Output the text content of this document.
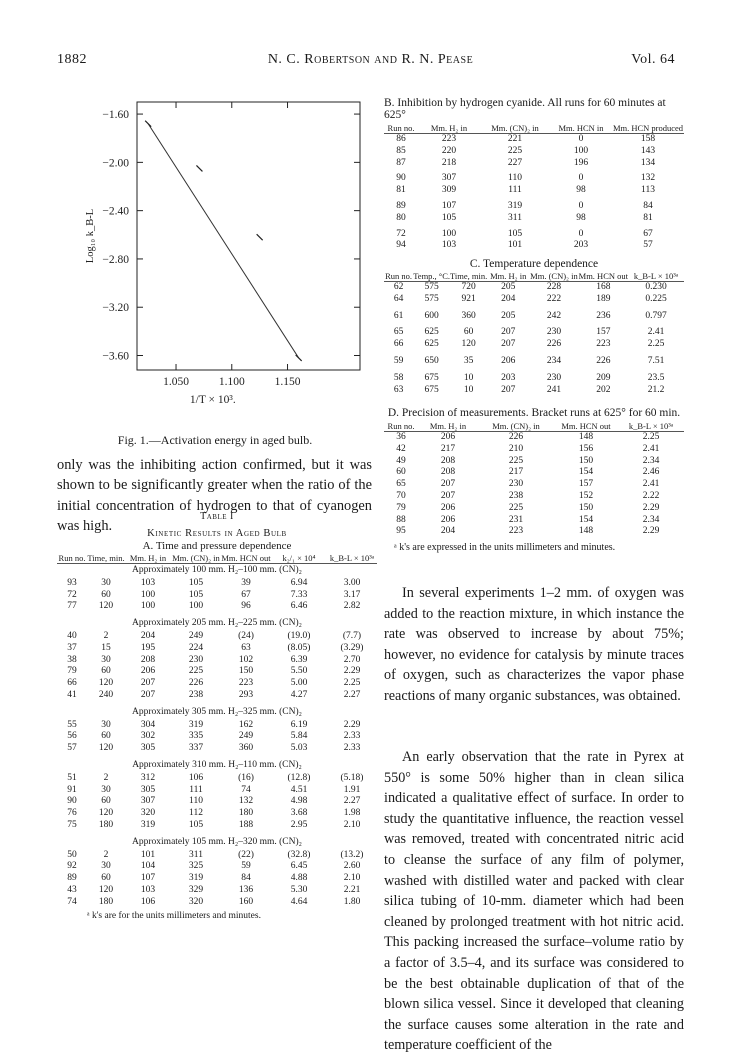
1882	N. C. Robertson and R. N. Pease	Vol. 64
−1.60
−2.00
−2.40
−2.80
−3.20
−3.60
1.050	1.100	1.150
1/T × 10³.
Log₁₀ k_B-L
Fig. 1.—Activation energy in aged bulb.
only was the inhibiting action confirmed, but it was shown to be significantly greater when the ratio of the initial concentration of hydrogen to that of cyanogen was high.
Table I
Kinetic Results in Aged Bulb
A. Time and pressure dependence
Run no.	Time, min.	Mm. H₂ in	Mm. (CN)₂ in	Mm. HCN out	k₂/₁ × 10⁴	k_B-L × 10³ᵃ
Approximately 100 mm. H₂–100 mm. (CN)₂						
93	30	103	105	39	6.94	3.00
72	60	100	105	67	7.33	3.17
77	120	100	100	96	6.46	2.82
Approximately 205 mm. H₂–225 mm. (CN)₂						
40	2	204	249	(24)	(19.0)	(7.7)
37	15	195	224	63	(8.05)	(3.29)
38	30	208	230	102	6.39	2.70
79	60	206	225	150	5.50	2.29
66	120	207	226	223	5.00	2.25
41	240	207	238	293	4.27	2.27
Approximately 305 mm. H₂–325 mm. (CN)₂						
55	30	304	319	162	6.19	2.29
56	60	302	335	249	5.84	2.33
57	120	305	337	360	5.03	2.33
Approximately 310 mm. H₂–110 mm. (CN)₂						
51	2	312	106	(16)	(12.8)	(5.18)
91	30	305	111	74	4.51	1.91
90	60	307	110	132	4.98	2.27
76	120	320	112	180	3.68	1.98
75	180	319	105	188	2.95	2.10
Approximately 105 mm. H₂–320 mm. (CN)₂						
50	2	101	311	(22)	(32.8)	(13.2)
92	30	104	325	59	6.45	2.60
89	60	107	319	84	4.88	2.10
43	120	103	329	136	5.30	2.21
74	180	106	320	160	4.64	1.80
ᵃ k's are for the units millimeters and minutes.
B. Inhibition by hydrogen cyanide. All runs for 60 minutes at 625°
Run no.	Mm. H₂ in	Mm. (CN)₂ in	Mm. HCN in	Mm. HCN produced
86	223	221	0	158
85	220	225	100	143
87	218	227	196	134
90	307	110	0	132
81	309	111	98	113
89	107	319	0	84
80	105	311	98	81
72	100	105	0	67
94	103	101	203	57
C. Temperature dependence
Run no.	Temp., °C.	Time, min.	Mm. H₂ in	Mm. (CN)₂ in	Mm. HCN out	k_B-L × 10³ᵃ
62	575	720	205	228	168	0.230
64	575	921	204	222	189	0.225
61	600	360	205	242	236	0.797
65	625	60	207	230	157	2.41
66	625	120	207	226	223	2.25
59	650	35	206	234	226	7.51
58	675	10	203	230	209	23.5
63	675	10	207	241	202	21.2
D. Precision of measurements. Bracket runs at 625° for 60 min.
Run no.	Mm. H₂ in	Mm. (CN)₂ in	Mm. HCN out	k_B-L × 10³ᵃ
36	206	226	148	2.25
42	217	210	156	2.41
49	208	225	150	2.34
60	208	217	154	2.46
65	207	230	157	2.41
70	207	238	152	2.22
79	206	225	150	2.29
88	206	231	154	2.34
95	204	223	148	2.29
ᵃ k's are expressed in the units millimeters and minutes.
In several experiments 1–2 mm. of oxygen was added to the reaction mixture, in which instance the rate was observed to increase by about 75%; however, no evidence for catalysis by minute traces of oxygen, such as characterizes the vapor phase reactions of many organic substances, was obtained.
An early observation that the rate in Pyrex at 550° is some 50% higher than in clean silica indicated a qualitative effect of surface. In order to study the quantitative influence, the reaction vessel was removed, treated with concentrated nitric acid to cleanse the surface of any film of polymer, washed with distilled water and packed with clear silica tubing of 10-mm. diameter which had been cleaned by prolonged treatment with hot nitric acid. This packing increased the surface–volume ratio by a factor of 3.5–4, and its surface was considered to be the best obtainable duplication of that of the blown silica vessel. Since it developed that cleaning the surface causes some alteration in the rate and temperature coefficient of the
